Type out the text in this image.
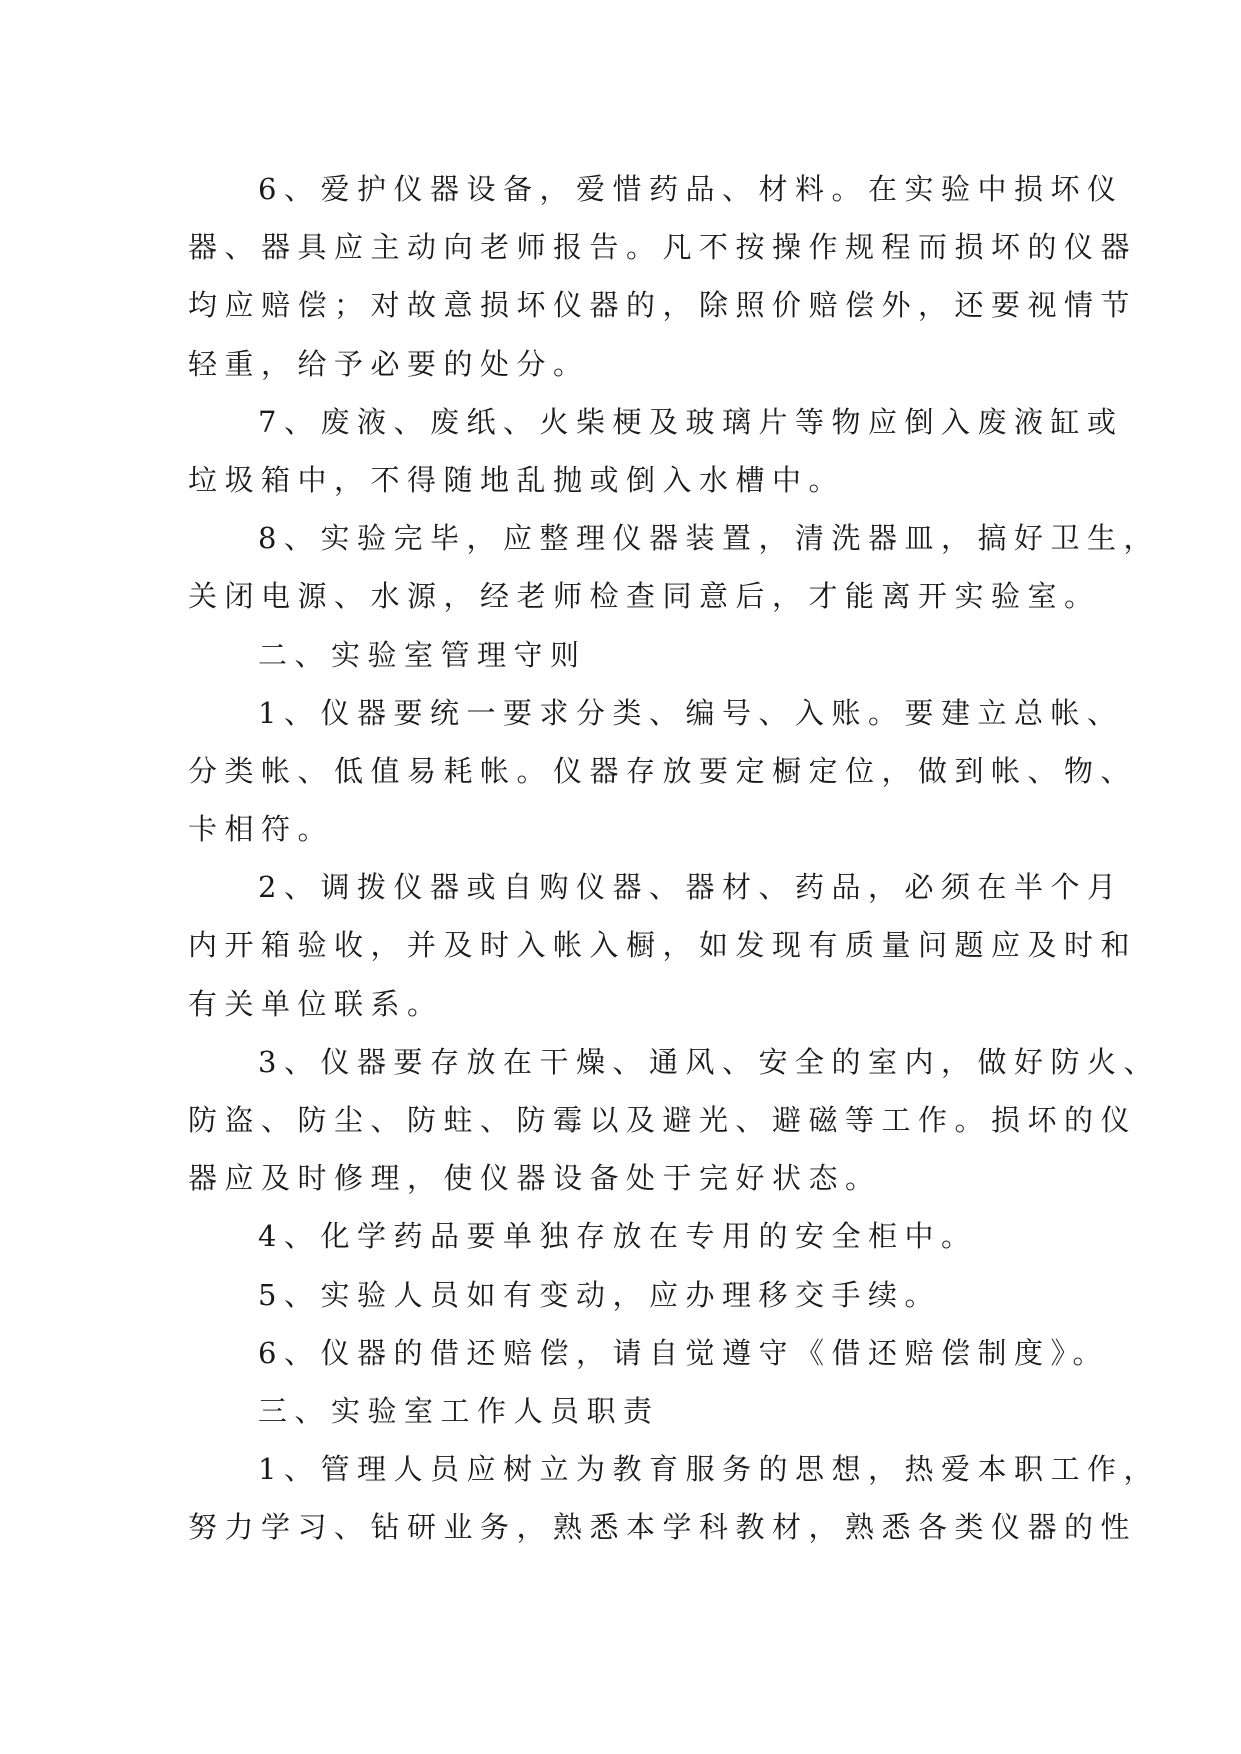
6、爱护仪器设备，爱惜药品、材料。在实验中损坏仪

器、器具应主动向老师报告。凡不按操作规程而损坏的仪器

均应赔偿；对故意损坏仪器的，除照价赔偿外，还要视情节

轻重，给予必要的处分。

7、废液、废纸、火柴梗及玻璃片等物应倒入废液缸或

垃圾箱中，不得随地乱抛或倒入水槽中。

8、实验完毕，应整理仪器装置，清洗器皿，搞好卫生，

关闭电源、水源，经老师检查同意后，才能离开实验室。

二、实验室管理守则

1、仪器要统一要求分类、编号、入账。要建立总帐、

分类帐、低值易耗帐。仪器存放要定橱定位，做到帐、物、

卡相符。

2、调拨仪器或自购仪器、器材、药品，必须在半个月

内开箱验收，并及时入帐入橱，如发现有质量问题应及时和

有关单位联系。

3、仪器要存放在干燥、通风、安全的室内，做好防火、

防盗、防尘、防蛀、防霉以及避光、避磁等工作。损坏的仪

器应及时修理，使仪器设备处于完好状态。

4、化学药品要单独存放在专用的安全柜中。

5、实验人员如有变动，应办理移交手续。

6、仪器的借还赔偿，请自觉遵守《借还赔偿制度》。

三、实验室工作人员职责

1、管理人员应树立为教育服务的思想，热爱本职工作，

努力学习、钻研业务，熟悉本学科教材，熟悉各类仪器的性
